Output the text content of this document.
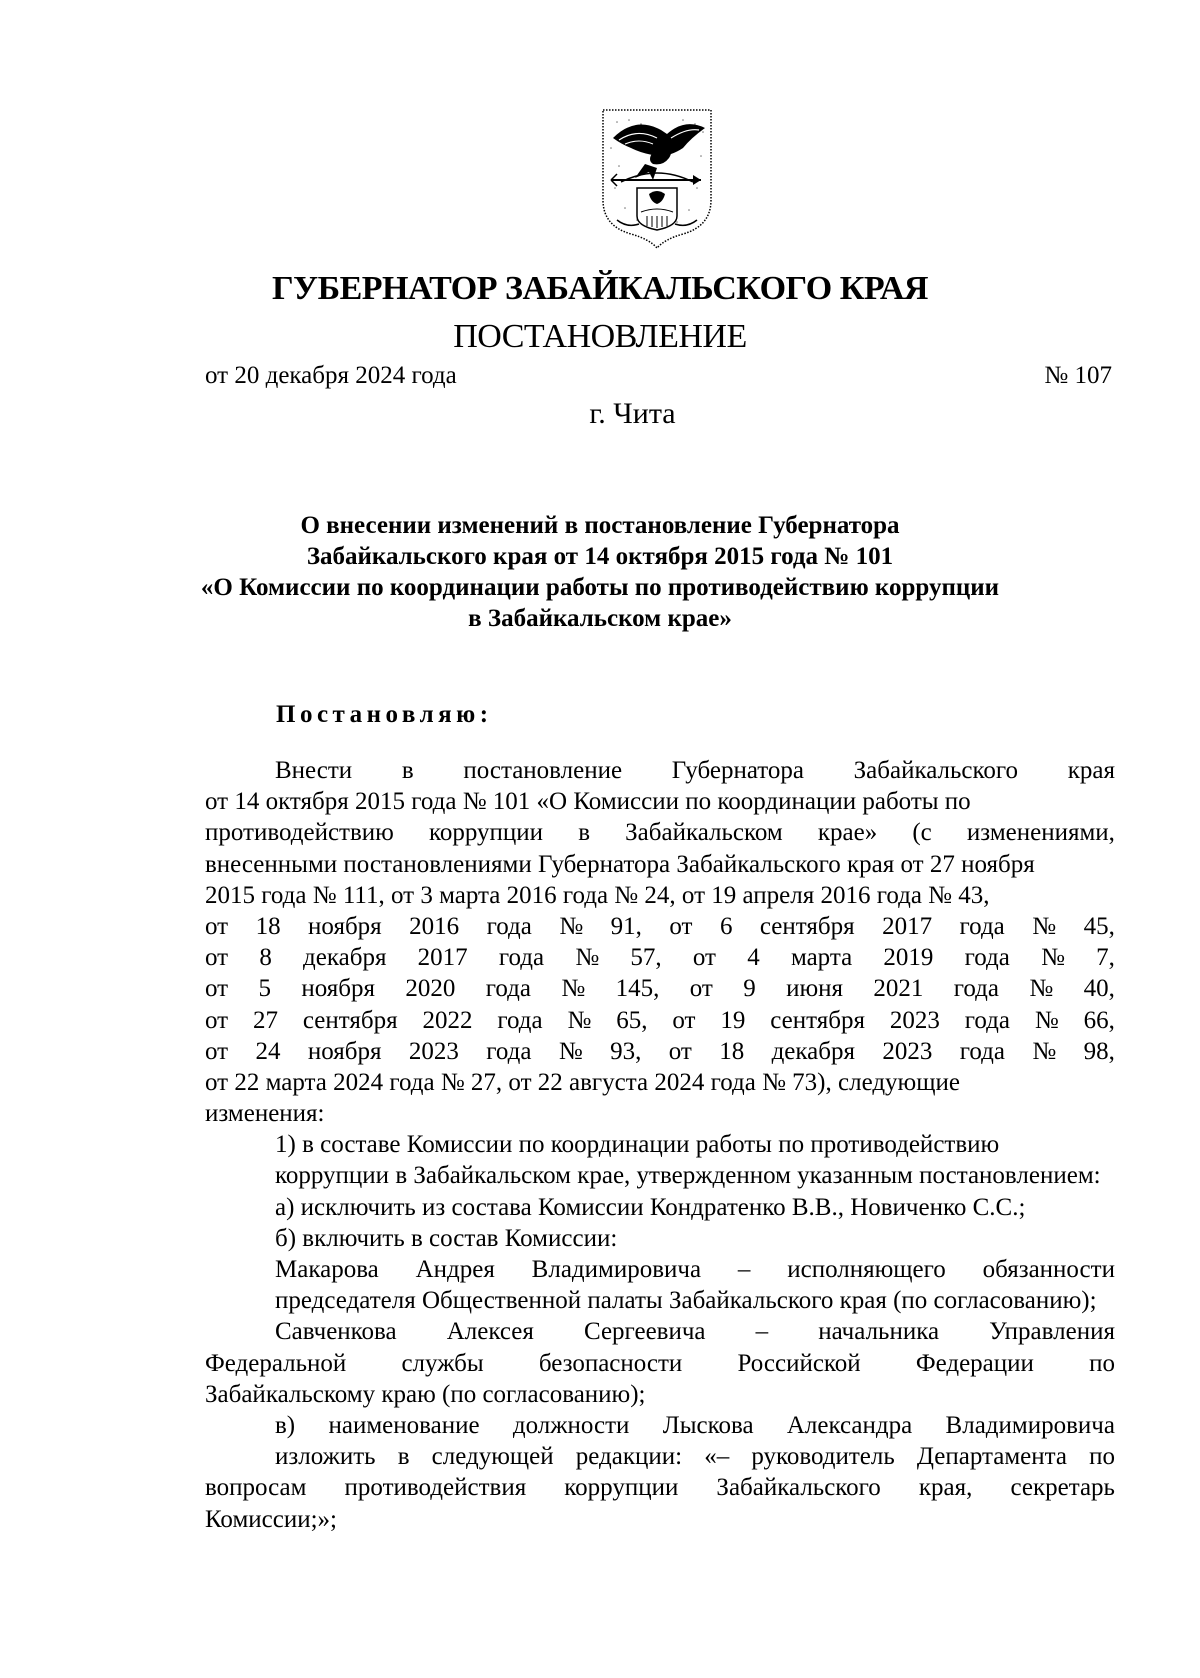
ГУБЕРНАТОР ЗАБАЙКАЛЬСКОГО КРАЯ
ПОСТАНОВЛЕНИЕ
от 20 декабря 2024 года	№ 107
г. Чита
О внесении изменений в постановление Губернатора
Забайкальского края от 14 октября 2015 года № 101
«О Комиссии по координации работы по противодействию коррупции
в Забайкальском крае»
Постановляю:
Внести в постановление Губернатора Забайкальского края
от 14 октября 2015 года № 101 «О Комиссии по координации работы по
противодействию коррупции в Забайкальском крае» (с изменениями,
внесенными постановлениями Губернатора Забайкальского края от 27 ноября
2015 года № 111, от 3 марта 2016 года № 24, от 19 апреля 2016 года № 43,
от 18 ноября 2016 года № 91, от 6 сентября 2017 года № 45,
от 8 декабря 2017 года № 57, от 4 марта 2019 года № 7,
от 5 ноября 2020 года № 145, от 9 июня 2021 года № 40,
от 27 сентября 2022 года № 65, от 19 сентября 2023 года № 66,
от 24 ноября 2023 года № 93, от 18 декабря 2023 года № 98,
от 22 марта 2024 года № 27, от 22 августа 2024 года № 73), следующие
изменения:
1) в составе Комиссии по координации работы по противодействию
коррупции в Забайкальском крае, утвержденном указанным постановлением:
а) исключить из состава Комиссии Кондратенко В.В., Новиченко С.С.;
б) включить в состав Комиссии:
Макарова Андрея Владимировича – исполняющего обязанности
председателя Общественной палаты Забайкальского края (по согласованию);
Савченкова Алексея Сергеевича – начальника Управления
Федеральной службы безопасности Российской Федерации по
Забайкальскому краю (по согласованию);
в) наименование должности Лыскова Александра Владимировича
изложить в следующей редакции: «– руководитель Департамента по
вопросам противодействия коррупции Забайкальского края, секретарь
Комиссии;»;
